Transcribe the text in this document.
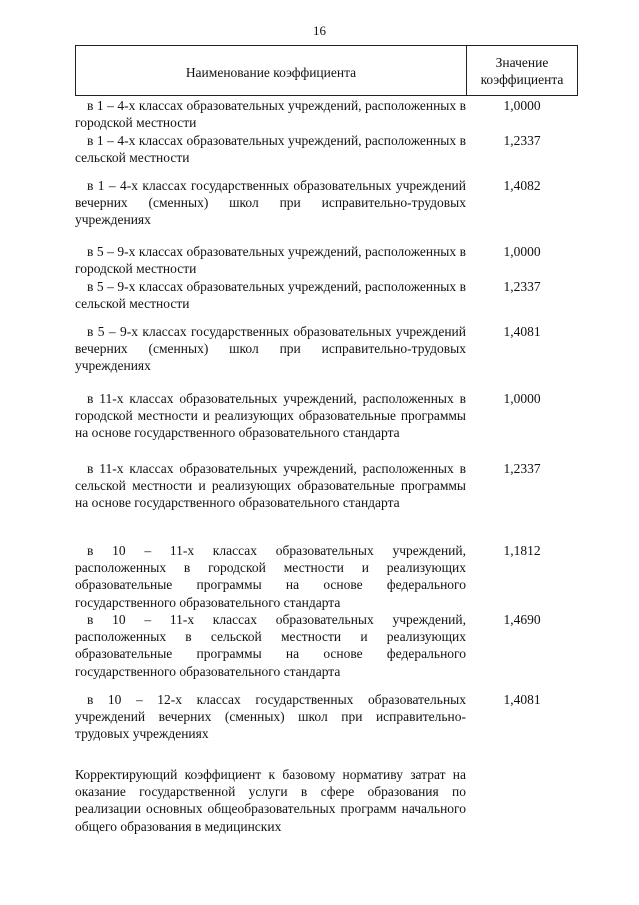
16
Наименование коэффициента
Значение коэффициента
в 1 – 4-х классах образовательных учреждений, расположенных в городской местности
1,0000
в 1 – 4-х классах образовательных учреждений, расположенных в сельской местности
1,2337
в 1 – 4-х классах государственных образовательных учреждений вечерних (сменных) школ при исправительно-трудовых учреждениях
1,4082
в 5 – 9-х классах образовательных учреждений, расположенных в городской местности
1,0000
в 5 – 9-х классах образовательных учреждений, расположенных в сельской местности
1,2337
в 5 – 9-х классах государственных образовательных учреждений вечерних (сменных) школ при исправительно-трудовых учреждениях
1,4081
в 11-х классах образовательных учреждений, расположенных в городской местности и реализующих образовательные программы на основе государственного образовательного стандарта
1,0000
в 11-х классах образовательных учреждений, расположенных в сельской местности и реализующих образовательные программы на основе государственного образовательного стандарта
1,2337
в 10 – 11-х классах образовательных учреждений, расположенных в городской местности и реализующих образовательные программы на основе федерального государственного образовательного стандарта
1,1812
в 10 – 11-х классах образовательных учреждений, расположенных в сельской местности и реализующих образовательные программы на основе федерального государственного образовательного стандарта
1,4690
в 10 – 12-х классах государственных образовательных учреждений вечерних (сменных) школ при исправительно-трудовых учреждениях
1,4081

Корректирующий коэффициент к базовому нормативу затрат на оказание государственной услуги в сфере образования по реализации основных общеобразовательных программ начального общего образования в медицинских
